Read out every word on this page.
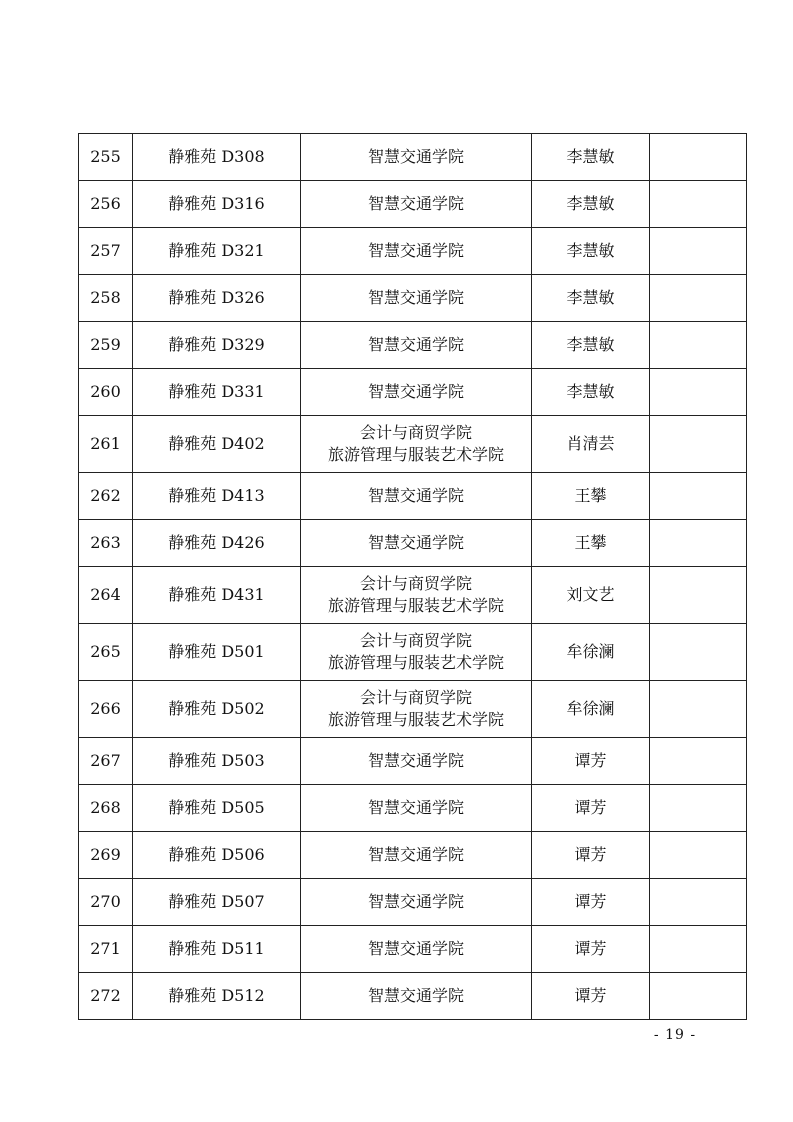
255	静雅苑 D308	智慧交通学院	李慧敏	
256	静雅苑 D316	智慧交通学院	李慧敏	
257	静雅苑 D321	智慧交通学院	李慧敏	
258	静雅苑 D326	智慧交通学院	李慧敏	
259	静雅苑 D329	智慧交通学院	李慧敏	
260	静雅苑 D331	智慧交通学院	李慧敏	
261	静雅苑 D402	会计与商贸学院
旅游管理与服装艺术学院	肖清芸	
262	静雅苑 D413	智慧交通学院	王攀	
263	静雅苑 D426	智慧交通学院	王攀	
264	静雅苑 D431	会计与商贸学院
旅游管理与服装艺术学院	刘文艺	
265	静雅苑 D501	会计与商贸学院
旅游管理与服装艺术学院	牟徐澜	
266	静雅苑 D502	会计与商贸学院
旅游管理与服装艺术学院	牟徐澜	
267	静雅苑 D503	智慧交通学院	谭芳	
268	静雅苑 D505	智慧交通学院	谭芳	
269	静雅苑 D506	智慧交通学院	谭芳	
270	静雅苑 D507	智慧交通学院	谭芳	
271	静雅苑 D511	智慧交通学院	谭芳	
272	静雅苑 D512	智慧交通学院	谭芳	
- 19 -
